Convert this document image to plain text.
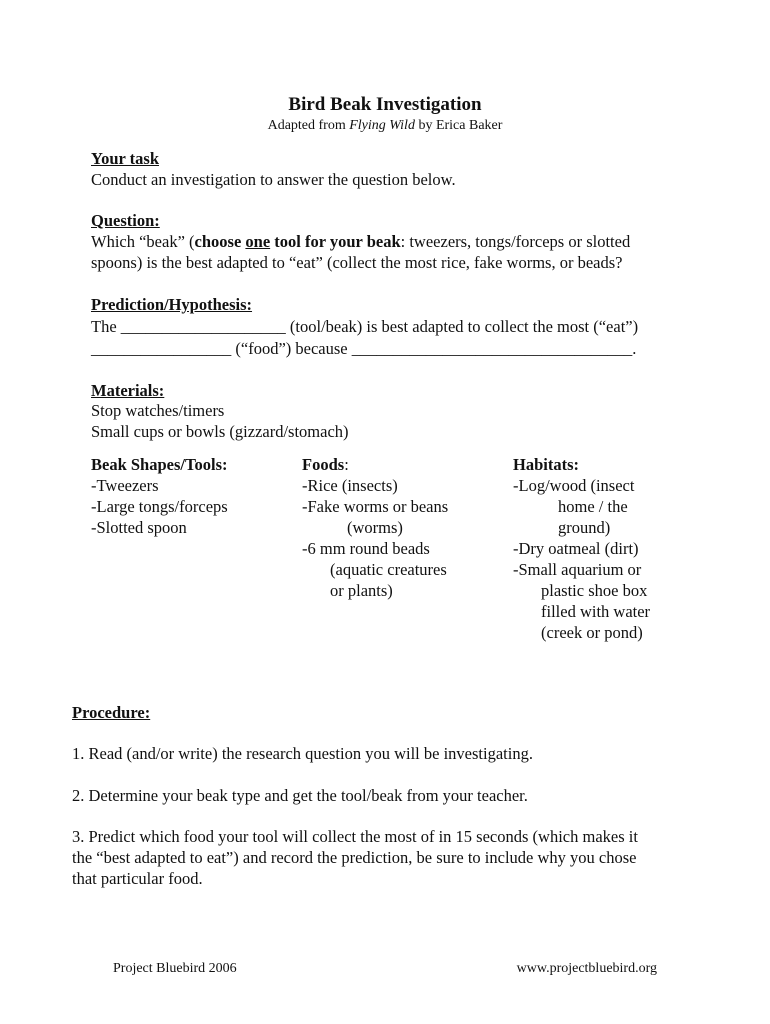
Bird Beak Investigation
Adapted from Flying Wild by Erica Baker
Your task
Conduct an investigation to answer the question below.
Question:
Which “beak” (choose one tool for your beak: tweezers, tongs/forceps or slotted
spoons) is the best adapted to “eat” (collect the most rice, fake worms, or beads?
Prediction/Hypothesis:
The ____________________ (tool/beak) is best adapted to collect the most (“eat”)
_________________ (“food”) because __________________________________.
Materials:
Stop watches/timers
Small cups or bowls (gizzard/stomach)
Beak Shapes/Tools:
-Tweezers
-Large tongs/forceps
-Slotted spoon
Foods:
-Rice (insects)
-Fake worms or beans
(worms)
-6 mm round beads
(aquatic creatures
or plants)
Habitats:
-Log/wood (insect
home / the
ground)
-Dry oatmeal (dirt)
-Small aquarium or
plastic shoe box
filled with water
(creek or pond)
Procedure:
1. Read (and/or write) the research question you will be investigating.
2. Determine your beak type and get the tool/beak from your teacher.
3. Predict which food your tool will collect the most of in 15 seconds (which makes it
the “best adapted to eat”) and record the prediction, be sure to include why you chose
that particular food.
Project Bluebird 2006	www.projectbluebird.org
